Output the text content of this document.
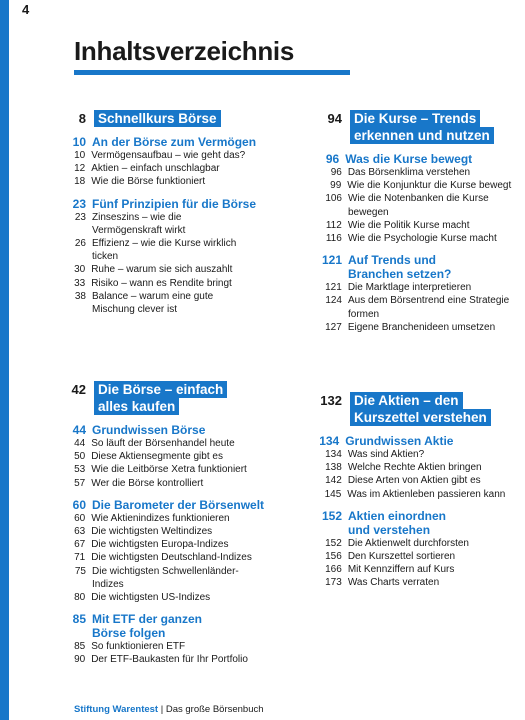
4
Inhaltsverzeichnis
8 Schnellkurs Börse
10 An der Börse zum Vermögen
10 Vermögensaufbau – wie geht das?
12 Aktien – einfach unschlagbar
18 Wie die Börse funktioniert
23 Fünf Prinzipien für die Börse
23 Zinseszins – wie die Vermögenskraft wirkt
26 Effizienz – wie die Kurse wirklich ticken
30 Ruhe – warum sie sich auszahlt
33 Risiko – wann es Rendite bringt
38 Balance – warum eine gute Mischung clever ist
94 Die Kurse – Trends erkennen und nutzen
96 Was die Kurse bewegt
96 Das Börsenklima verstehen
99 Wie die Konjunktur die Kurse bewegt
106 Wie die Notenbanken die Kurse bewegen
112 Wie die Politik Kurse macht
116 Wie die Psychologie Kurse macht
121 Auf Trends und Branchen setzen?
121 Die Marktlage interpretieren
124 Aus dem Börsentrend eine Strategie formen
127 Eigene Branchenideen umsetzen
42 Die Börse – einfach alles kaufen
44 Grundwissen Börse
44 So läuft der Börsenhandel heute
50 Diese Aktiensegmente gibt es
53 Wie die Leitbörse Xetra funktioniert
57 Wer die Börse kontrolliert
60 Die Barometer der Börsenwelt
60 Wie Aktienindizes funktionieren
63 Die wichtigsten Weltindizes
67 Die wichtigsten Europa-Indizes
71 Die wichtigsten Deutschland-Indizes
75 Die wichtigsten Schwellenländer-Indizes
80 Die wichtigsten US-Indizes
85 Mit ETF der ganzen Börse folgen
85 So funktionieren ETF
90 Der ETF-Baukasten für Ihr Portfolio
132 Die Aktien – den Kurszettel verstehen
134 Grundwissen Aktie
134 Was sind Aktien?
138 Welche Rechte Aktien bringen
142 Diese Arten von Aktien gibt es
145 Was im Aktienleben passieren kann
152 Aktien einordnen und verstehen
152 Die Aktienwelt durchforsten
156 Den Kurszettel sortieren
166 Mit Kennziffern auf Kurs
173 Was Charts verraten
Stiftung Warentest | Das große Börsenbuch
